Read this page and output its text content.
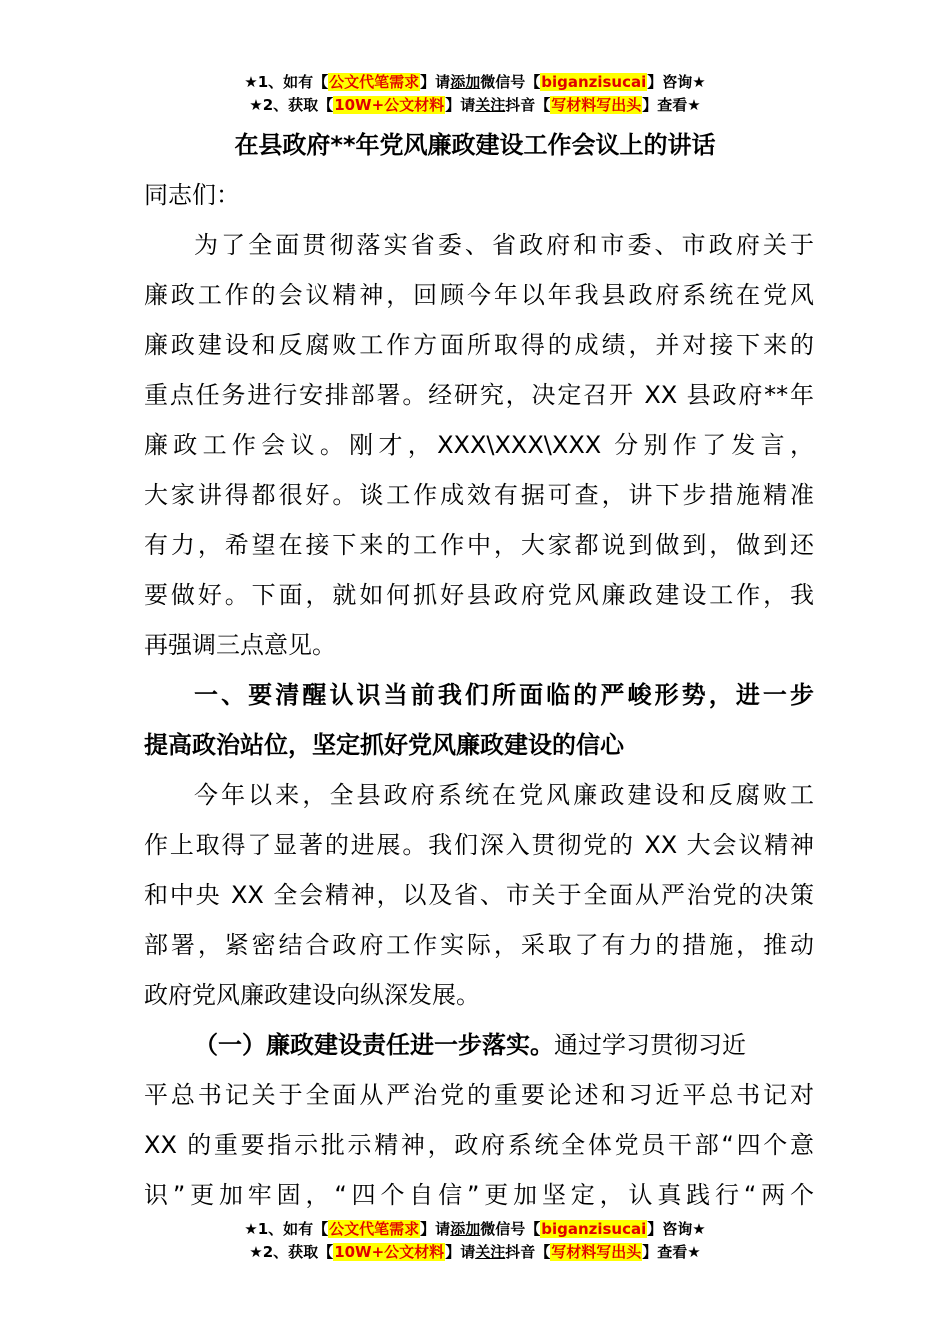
★1、如有【公文代笔需求】请添加微信号【biganzisucai】咨询★
★2、获取【10W+公文材料】请关注抖音【写材料写出头】查看★
在县政府**年党风廉政建设工作会议上的讲话
同志们：
为了全面贯彻落实省委、省政府和市委、市政府关于
廉政工作的会议精神，回顾今年以年我县政府系统在党风
廉政建设和反腐败工作方面所取得的成绩，并对接下来的
重点任务进行安排部署。经研究，决定召开 XX 县政府**年
廉政工作会议。刚才，XXX\XXX\XXX 分别作了发言，
大家讲得都很好。谈工作成效有据可查，讲下步措施精准
有力，希望在接下来的工作中，大家都说到做到，做到还
要做好。下面，就如何抓好县政府党风廉政建设工作，我
再强调三点意见。
一、要清醒认识当前我们所面临的严峻形势，进一步
提高政治站位，坚定抓好党风廉政建设的信心
今年以来，全县政府系统在党风廉政建设和反腐败工
作上取得了显著的进展。我们深入贯彻党的 XX 大会议精神
和中央 XX 全会精神，以及省、市关于全面从严治党的决策
部署，紧密结合政府工作实际，采取了有力的措施，推动
政府党风廉政建设向纵深发展。
（一）廉政建设责任进一步落实。通过学习贯彻习近
平总书记关于全面从严治党的重要论述和习近平总书记对
XX 的重要指示批示精神，政府系统全体党员干部“四个意
识”更加牢固，“四个自信”更加坚定，认真践行“两个
★1、如有【公文代笔需求】请添加微信号【biganzisucai】咨询★
★2、获取【10W+公文材料】请关注抖音【写材料写出头】查看★
